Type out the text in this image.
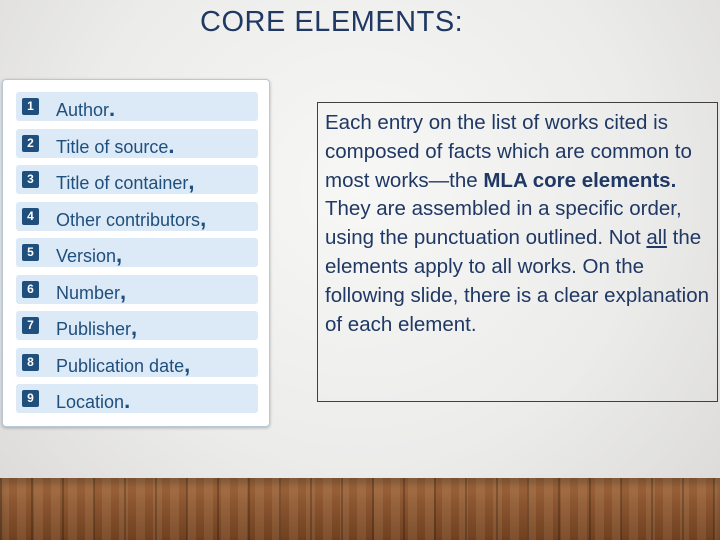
CORE ELEMENTS:
1 Author.
2 Title of source.
3 Title of container,
4 Other contributors,
5 Version,
6 Number,
7 Publisher,
8 Publication date,
9 Location.
Each entry on the list of works cited is composed of facts which are common to most works—the MLA core elements. They are assembled in a specific order, using the punctuation outlined. Not all the elements apply to all works. On the following slide, there is a clear explanation of each element.
